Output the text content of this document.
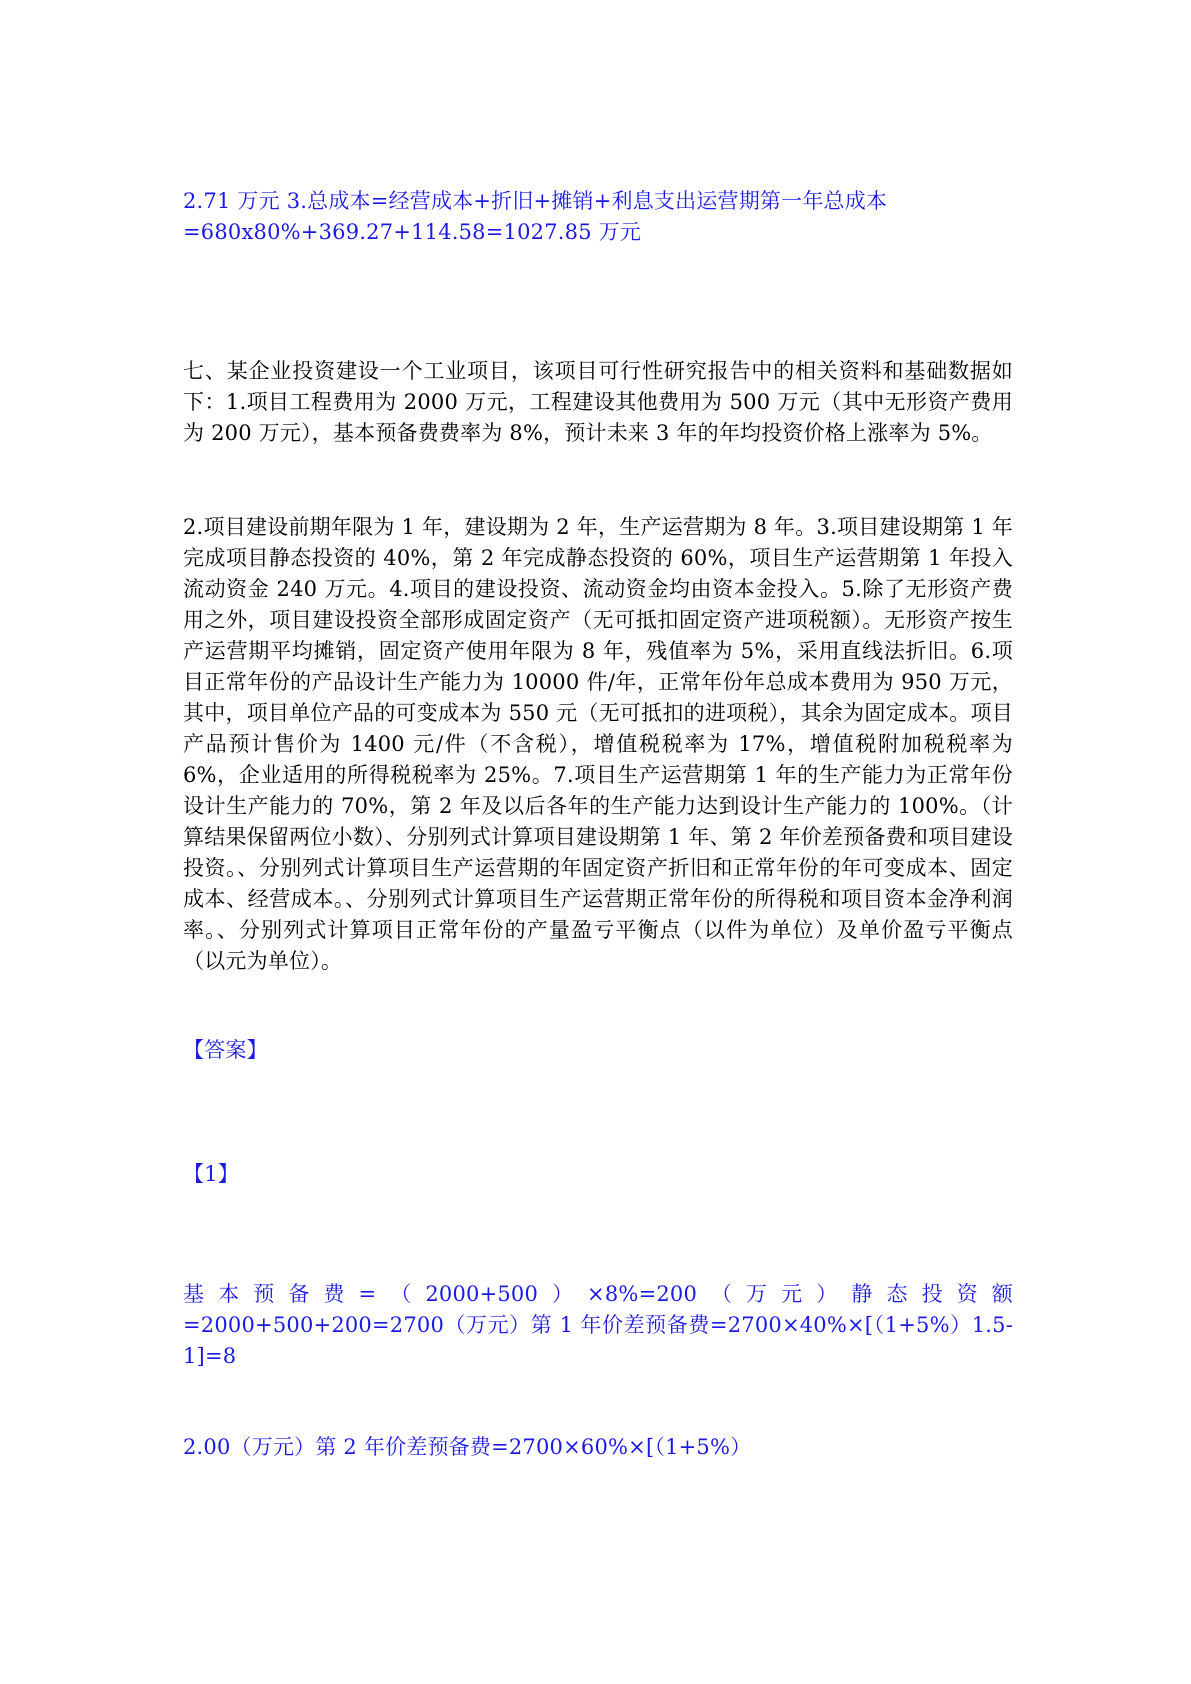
2.71 万元 3.总成本=经营成本+折旧+摊销+利息支出运营期第一年总成本
=680x80%+369.27+114.58=1027.85 万元

七、某企业投资建设一个工业项目，该项目可行性研究报告中的相关资料和基础数据如下：1.项目工程费用为 2000 万元，工程建设其他费用为 500 万元（其中无形资产费用为 200 万元），基本预备费费率为 8%，预计未来 3 年的年均投资价格上涨率为 5%。

2.项目建设前期年限为 1 年，建设期为 2 年，生产运营期为 8 年。3.项目建设期第 1 年完成项目静态投资的 40%，第 2 年完成静态投资的 60%，项目生产运营期第 1 年投入流动资金 240 万元。4.项目的建设投资、流动资金均由资本金投入。5.除了无形资产费用之外，项目建设投资全部形成固定资产（无可抵扣固定资产进项税额）。无形资产按生产运营期平均摊销，固定资产使用年限为 8 年，残值率为 5%，采用直线法折旧。6.项目正常年份的产品设计生产能力为 10000 件/年，正常年份年总成本费用为 950 万元，其中，项目单位产品的可变成本为 550 元（无可抵扣的进项税），其余为固定成本。项目产品预计售价为 1400 元/件（不含税），增值税税率为 17%，增值税附加税税率为 6%，企业适用的所得税税率为 25%。7.项目生产运营期第 1 年的生产能力为正常年份设计生产能力的 70%，第 2 年及以后各年的生产能力达到设计生产能力的 100%。（计算结果保留两位小数）、分别列式计算项目建设期第 1 年、第 2 年价差预备费和项目建设投资。、分别列式计算项目生产运营期的年固定资产折旧和正常年份的年可变成本、固定成本、经营成本。、分别列式计算项目生产运营期正常年份的所得税和项目资本金净利润率。、分别列式计算项目正常年份的产量盈亏平衡点（以件为单位）及单价盈亏平衡点（以元为单位）。

【答案】
【1】

基本预备费=（2000+500）×8%=200（万元）静态投资额=2000+500+200=2700（万元）第 1 年价差预备费=2700×40%×[（1+5%）1.5-1]=8

2.00（万元）第 2 年价差预备费=2700×60%×[（1+5%）
